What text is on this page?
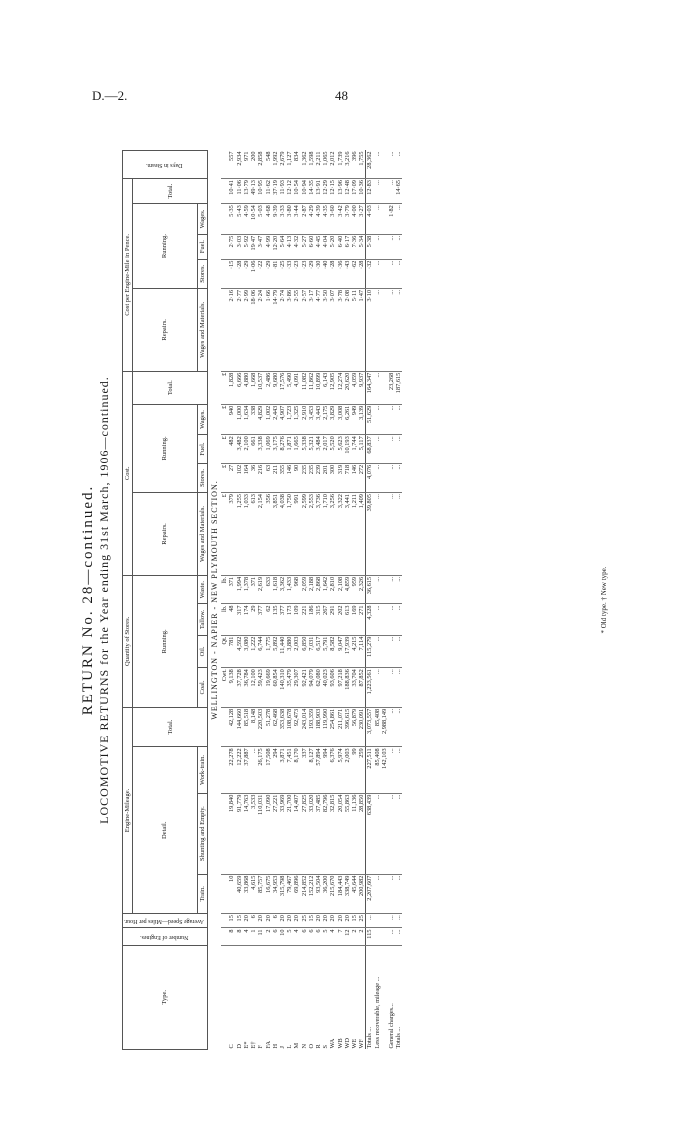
D.—2.	48
RETURN No. 28—continued. LOCOMOTIVE RETURNS for the Year ending 31st March, 1906—continued.
Type.	Number of Engines.	Average Speed—Miles per Hour.	Engine-Mileage.				Quantity of Stores.				Cost.					Cost per Engine-Mile in Pence.					Days in Steam.
			Detail.			Total.	Running.				Repairs.	Running.			Total.	Repairs.	Running.			Total.	
			Train.	Shunting and Empty.	Work-train.		Coal.	Oil.	Tallow.	Waste.	Wages and Materials.	Stores.	Fuel.	Wages.		Wages and Materials.	Stores.	Fuel.	Wages.		
WELLINGTON - NAPIER - NEW PLYMOUTH SECTION.																					
							Cwt.	Qt.	lb.	lb.	£	£	£	£	£						
C	8	15	10	19,840	22,278	42,128	9,138	781	48	371	379	27	482	940	1,828	2·16	·15	2·75	5·35	10·41	557
D	8	15	40,659	91,779	12,222	144,660	37,728	4,592	317	1,994	1,255	102	3,482	1,000	6,666	2·77	·28	3·03	5·43	11·06	2,934
E*	4	20	33,868	14,763	37,887	85,518	36,784	3,080	174	1,378	1,033	164	2,100	1,634	4,880	2·99	·29	5·92	4·59	13·79	971
E†	1	6	4,615	3,533	...	8,148	12,100	1,222	29	371	613	36	661	338	1,668	18·06	1·06	19·47	10·54	49·13	200
F	11	20	85,757	110,031	26,175	220,503	59,423	6,744	377	2,619	2,154	216	3,338	4,829	10,537	2·24	·22	3·47	5·03	10·95	2,858
FA	2	20	16,675	17,090	17,508	51,278	19,669	1,775	62	633	356	63	1,069	1,002	2,486	1·66	·29	4·99	4·68	11·62	548
H	6	6	34,953	27,221	294	62,468	60,854	5,892	135	1,618	3,851	211	3,175	2,443	9,680	14·79	·81	12·20	9·39	37·19	1,992
J	10	20	315,798	33,969	3,871	353,638	140,310	11,440	377	3,362	4,038	355	8,276	4,907	17,576	2·74	·25	5·64	3·33	11·93	2,679
L	5	20	79,467	21,700	7,451	108,678	35,479	3,880	173	1,433	1,750	146	1,871	1,723	5,490	3·86	·33	4·13	3·80	12·12	1,127
M	4	20	69,896	14,407	8,170	92,473	29,307	2,003	109	968	991	90	1,665	1,325	4,091	2·55	·23	4·32	3·44	10·54	834
N	6	25	214,852	27,825	337	243,014	92,421	6,850	221	2,059	2,599	235	5,338	2,910	11,082	2·57	·23	5·27	2·87	10·94	1,362
O	6	15	152,212	33,020	8,127	193,359	94,079	7,031	186	2,188	2,553	235	5,321	3,453	11,862	3·17	·29	6·60	4·29	14·35	1,598
R	6	20	93,504	37,485	57,894	188,903	62,080	6,517	315	2,868	3,736	239	3,484	3,443	10,899	4·77	·30	4·45	4·39	13·91	2,211
S	5	20	36,200	82,796	994	119,990	40,023	5,791	267	1,642	1,710	201	2,017	2,175	6,143	3·50	·40	4·04	4·35	12·29	1,065
WA	4	20	215,670	32,815	6,376	254,861	93,606	8,582	291	2,810	3,256	300	5,520	3,829	12,905	3·07	·28	5·20	3·60	12·15	2,012
WB	7	20	184,443	20,054	5,974	211,071	97,218	9,047	202	2,108	3,322	319	5,623	3,008	12,274	3·78	·36	6·40	3·42	13·96	1,739
WD	12	20	338,749	55,863	2,003	396,615	188,836	17,939	613	4,859	3,441	718	10,193	6,261	20,620	2·08	·43	6·17	3·79	12·48	3,216
WE	2	15	45,644	11,136	99	56,879	33,704	4,215	169	959	1,211	146	1,744	949	4,059	5·11	·62	7·36	4·00	17·09	396
WF	2	25	200,982	28,850	259	230,091	87,852	7,114	271	2,326	1,409	272	5,117	3,139	9,937	1·47	·28	5·34	3·27	10·36	1,755
Totals ...	115	...	2,207,607	638,439	227,511	3,073,557	1,223,561	115,279	4,328	36,615	39,805	4,076	68,837	51,629	164,347	3·10	·32	5·38	4·03	12·83	28,362
Less recoverable, mileage ...			...	...	85,408	85,408	...	...	...	...	...	...	...	...	...	...	...	...	...	...	...
					142,103	2,988,149															
General charges...	...	...	...	...	...	...	...	...	...	...	...	...	...	...	23,268	...	...	...	1·82	...	...
Totals ...	...	...	...	...	...	...	...	...	...	...	...	...	...	...	187,615	...	...	...	...	14·65	...
* Old type. † New type.
